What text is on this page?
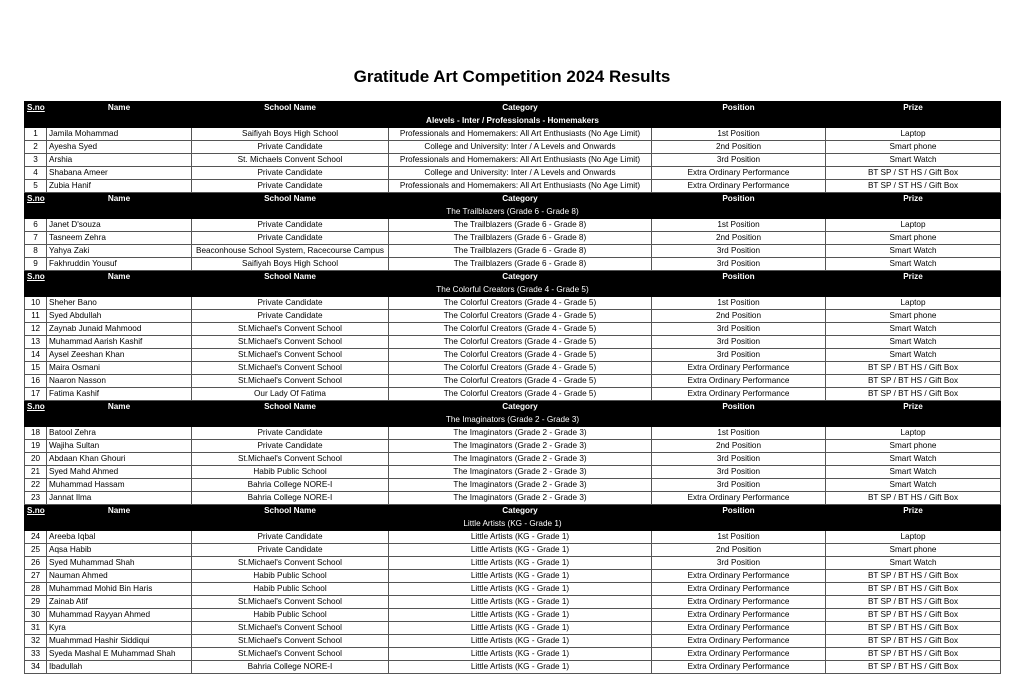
Gratitude Art Competition 2024 Results
S.no	Name	School Name	Category	Position	Prize
Alevels - Inter / Professionals - Homemakers					
1	Jamila Mohammad	Saifiyah Boys High School	Professionals and Homemakers: All Art Enthusiasts (No Age Limit)	1st Position	Laptop
2	Ayesha Syed	Private Candidate	College and University: Inter / A Levels and Onwards	2nd Position	Smart phone
3	Arshia	St. Michaels Convent School	Professionals and Homemakers: All Art Enthusiasts (No Age Limit)	3rd Position	Smart Watch
4	Shabana Ameer	Private Candidate	College and University: Inter / A Levels and Onwards	Extra Ordinary Performance	BT SP / ST HS / Gift Box
5	Zubia Hanif	Private Candidate	Professionals and Homemakers: All Art Enthusiasts (No Age Limit)	Extra Ordinary Performance	BT SP / ST HS / Gift Box
S.no	Name	School Name	Category	Position	Prize
The Trailblazers (Grade 6 - Grade 8)					
6	Janet D'souza	Private Candidate	The Trailblazers (Grade 6 - Grade 8)	1st Position	Laptop
7	Tasneem Zehra	Private Candidate	The Trailblazers (Grade 6 - Grade 8)	2nd Position	Smart phone
8	Yahya Zaki	Beaconhouse School System, Racecourse Campus	The Trailblazers (Grade 6 - Grade 8)	3rd Position	Smart Watch
9	Fakhruddin Yousuf	Saifiyah Boys High School	The Trailblazers (Grade 6 - Grade 8)	3rd Position	Smart Watch
S.no	Name	School Name	Category	Position	Prize
The Colorful Creators (Grade 4 - Grade 5)					
10	Sheher Bano	Private Candidate	The Colorful Creators (Grade 4 - Grade 5)	1st Position	Laptop
11	Syed Abdullah	Private Candidate	The Colorful Creators (Grade 4 - Grade 5)	2nd Position	Smart phone
12	Zaynab Junaid Mahmood	St.Michael's Convent School	The Colorful Creators (Grade 4 - Grade 5)	3rd Position	Smart Watch
13	Muhammad Aarish Kashif	St.Michael's Convent School	The Colorful Creators (Grade 4 - Grade 5)	3rd Position	Smart Watch
14	Aysel Zeeshan Khan	St.Michael's Convent School	The Colorful Creators (Grade 4 - Grade 5)	3rd Position	Smart Watch
15	Maira Osmani	St.Michael's Convent School	The Colorful Creators (Grade 4 - Grade 5)	Extra Ordinary Performance	BT SP / BT HS / Gift Box
16	Naaron Nasson	St.Michael's Convent School	The Colorful Creators (Grade 4 - Grade 5)	Extra Ordinary Performance	BT SP / BT HS / Gift Box
17	Fatima Kashif	Our Lady Of Fatima	The Colorful Creators (Grade 4 - Grade 5)	Extra Ordinary Performance	BT SP / BT HS / Gift Box
S.no	Name	School Name	Category	Position	Prize
The Imaginators (Grade 2 - Grade 3)					
18	Batool Zehra	Private Candidate	The Imaginators (Grade 2 - Grade 3)	1st Position	Laptop
19	Wajiha Sultan	Private Candidate	The Imaginators (Grade 2 - Grade 3)	2nd Position	Smart phone
20	Abdaan Khan Ghouri	St.Michael's Convent School	The Imaginators (Grade 2 - Grade 3)	3rd Position	Smart Watch
21	Syed Mahd Ahmed	Habib Public School	The Imaginators (Grade 2 - Grade 3)	3rd Position	Smart Watch
22	Muhammad Hassam	Bahria College NORE-I	The Imaginators (Grade 2 - Grade 3)	3rd Position	Smart Watch
23	Jannat Ilma	Bahria College NORE-I	The Imaginators (Grade 2 - Grade 3)	Extra Ordinary Performance	BT SP / BT HS / Gift Box
S.no	Name	School Name	Category	Position	Prize
Little Artists (KG - Grade 1)					
24	Areeba Iqbal	Private Candidate	Little Artists (KG - Grade 1)	1st Position	Laptop
25	Aqsa Habib	Private Candidate	Little Artists (KG - Grade 1)	2nd Position	Smart phone
26	Syed Muhammad Shah	St.Michael's Convent School	Little Artists (KG - Grade 1)	3rd Position	Smart Watch
27	Nauman Ahmed	Habib Public School	Little Artists (KG - Grade 1)	Extra Ordinary Performance	BT SP / BT HS / Gift Box
28	Muhammad Mohid Bin Haris	Habib Public School	Little Artists (KG - Grade 1)	Extra Ordinary Performance	BT SP / BT HS / Gift Box
29	Zainab Atif	St.Michael's Convent School	Little Artists (KG - Grade 1)	Extra Ordinary Performance	BT SP / BT HS / Gift Box
30	Muhammad Rayyan Ahmed	Habib Public School	Little Artists (KG - Grade 1)	Extra Ordinary Performance	BT SP / BT HS / Gift Box
31	Kyra	St.Michael's Convent School	Little Artists (KG - Grade 1)	Extra Ordinary Performance	BT SP / BT HS / Gift Box
32	Muahmmad Hashir Siddiqui	St.Michael's Convent School	Little Artists (KG - Grade 1)	Extra Ordinary Performance	BT SP / BT HS / Gift Box
33	Syeda Mashal E Muhammad Shah	St.Michael's Convent School	Little Artists (KG - Grade 1)	Extra Ordinary Performance	BT SP / BT HS / Gift Box
34	Ibadullah	Bahria College NORE-I	Little Artists (KG - Grade 1)	Extra Ordinary Performance	BT SP / BT HS / Gift Box
